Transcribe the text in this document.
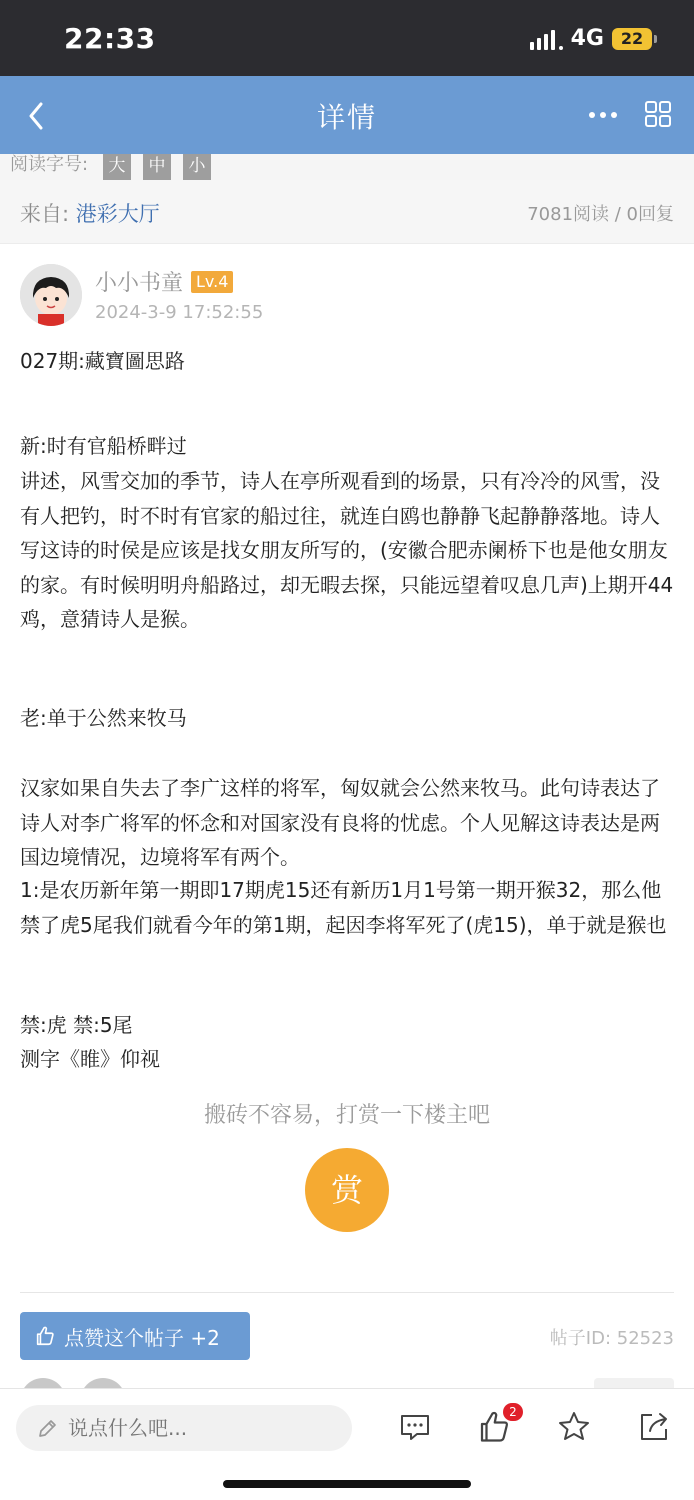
22:33	4G	22
详情
阅读字号:	大	中	小
来自: 港彩大厅	7081阅读 / 0回复
小小书童 Lv.4
2024-3-9 17:52:55
027期:藏寶圖思路
新:时有官船桥畔过
讲述，风雪交加的季节，诗人在亭所观看到的场景，只有冷冷的风雪，没有人把钓，时不时有官家的船过往，就连白鸥也静静飞起静静落地。诗人写这诗的时侯是应该是找女朋友所写的，(安徽合肥赤阑桥下也是他女朋友的家。有时候明明舟船路过，却无暇去探，只能远望着叹息几声)上期开44鸡，意猜诗人是猴。
老:单于公然来牧马
汉家如果自失去了李广这样的将军，匈奴就会公然来牧马。此句诗表达了诗人对李广将军的怀念和对国家没有良将的忧虑。个人见解这诗表达是两国边境情况，边境将军有两个。
1:是农历新年第一期即17期虎15还有新历1月1号第一期开猴32，那么他禁了虎5尾我们就看今年的第1期，起因李将军死了(虎15)，单于就是猴也
禁:虎 禁:5尾
测字《睢》仰视
搬砖不容易，打赏一下楼主吧
赏
点赞这个帖子 +2	帖子ID: 52523
说点什么吧...
2
